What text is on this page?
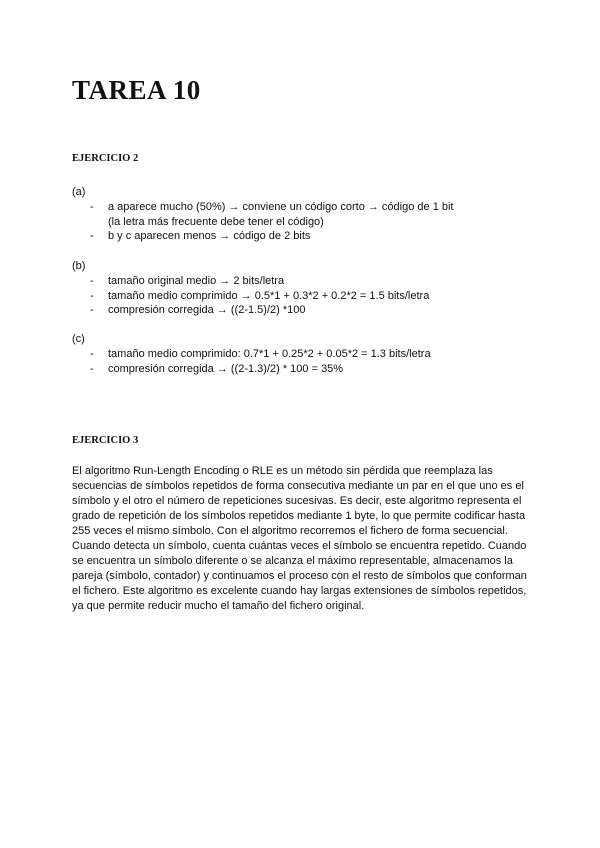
TAREA 10
EJERCICIO 2
(a)
- a aparece mucho (50%) → conviene un código corto → código de 1 bit
(la letra más frecuente debe tener el código)
- b y c aparecen menos → código de 2 bits
(b)
- tamaño original medio → 2 bits/letra
- tamaño medio comprimido → 0.5*1 + 0.3*2 + 0.2*2 = 1.5 bits/letra
- compresión corregida → ((2-1.5)/2) *100
(c)
- tamaño medio comprimido: 0.7*1 + 0.25*2 + 0.05*2 = 1.3 bits/letra
- compresión corregida → ((2-1.3)/2) * 100 = 35%
EJERCICIO 3

El algoritmo Run-Length Encoding o RLE es un método sin pérdida que reemplaza las secuencias de símbolos repetidos de forma consecutiva mediante un par en el que uno es el símbolo y el otro el número de repeticiones sucesivas. Es decir, este algoritmo representa el grado de repetición de los símbolos repetidos mediante 1 byte, lo que permite codificar hasta 255 veces el mismo símbolo. Con el algoritmo recorremos el fichero de forma secuencial. Cuando detecta un símbolo, cuenta cuántas veces el símbolo se encuentra repetido. Cuando se encuentra un símbolo diferente o se alcanza el máximo representable, almacenamos la pareja (símbolo, contador) y continuamos el proceso con el resto de símbolos que conforman el fichero. Este algoritmo es excelente cuando hay largas extensiones de símbolos repetidos, ya que permite reducir mucho el tamaño del fichero original.
